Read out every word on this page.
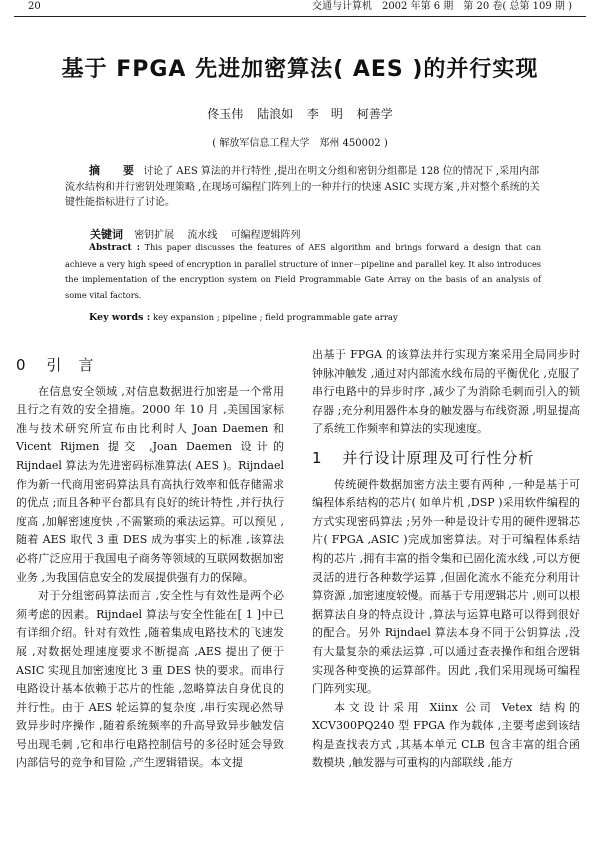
20	交通与计算机　2002 年第 6 期　第 20 卷( 总第 109 期 )
基于 FPGA 先进加密算法( AES )的并行实现
佟玉伟 陆浪如 李　明 柯善学
( 解放军信息工程大学　郑州 450002 )

摘　要 讨论了 AES 算法的并行特性 ,提出在明文分组和密钥分组都是 128 位的情况下 ,采用内部流水结构和并行密钥处理策略 ,在现场可编程门阵列上的一种并行的快速 ASIC 实现方案 ,并对整个系统的关键性能指标进行了讨论。

关键词 密钥扩展 流水线 可编程逻辑阵列

Abstract : This paper discusses the features of AES algorithm and brings forward a design that can achieve a very high speed of encryption in parallel structure of inner－pipeline and parallel key. It also introduces the implementation of the encryption system on Field Programmable Gate Array on the basis of an analysis of some vital factors.

Key words : key expansion ; pipeline ; field programmable gate array
0 引　言

在信息安全领域 ,对信息数据进行加密是一个常用且行之有效的安全措施。2000 年 10 月 ,美国国家标准与技术研究所宣布由比利时人 Joan Daemen 和 Vicent Rijmen 提交 ,Joan Daemen 设计的 Rijndael 算法为先进密码标准算法( AES )。Rijndael 作为新一代商用密码算法具有高执行效率和低存储需求的优点 ;而且各种平台都具有良好的统计特性 ,并行执行度高 ,加解密速度快 ,不需繁琐的乘法运算。可以预见 ,随着 AES 取代 3 重 DES 成为事实上的标准 ,该算法必将广泛应用于我国电子商务等领域的互联网数据加密业务 ,为我国信息安全的发展提供强有力的保障。

对于分组密码算法而言 ,安全性与有效性是两个必须考虑的因素。Rijndael 算法与安全性能在[ 1 ]中已有详细介绍。针对有效性 ,随着集成电路技术的飞速发展 ,对数据处理速度要求不断提高 ,AES 提出了便于 ASIC 实现且加密速度比 3 重 DES 快的要求。而串行电路设计基本依赖于芯片的性能 ,忽略算法自身优良的并行性。由于 AES 轮运算的复杂度 ,串行实现必然导致异步时序操作 ,随着系统频率的升高导致异步触发信号出现毛刺 ,它和串行电路控制信号的多径时延会导致内部信号的竞争和冒险 ,产生逻辑错误。本文提

出基于 FPGA 的该算法并行实现方案采用全局同步时钟脉冲触发 ,通过对内部流水线布局的平衡优化 ,克服了串行电路中的异步时序 ,减少了为消除毛刺而引入的锁存器 ;充分利用器件本身的触发器与布线资源 ,明显提高了系统工作频率和算法的实现速度。

1 并行设计原理及可行性分析

传统硬件数据加密方法主要有两种 ,一种是基于可编程体系结构的芯片( 如单片机 ,DSP )采用软件编程的方式实现密码算法 ;另外一种是设计专用的硬件逻辑芯片( FPGA ,ASIC )完成加密算法。对于可编程体系结构的芯片 ,拥有丰富的指令集和已固化流水线 ,可以方便灵活的进行各种数学运算 ,但固化流水不能充分利用计算资源 ,加密速度较慢。而基于专用逻辑芯片 ,则可以根据算法自身的特点设计 ,算法与运算电路可以得到很好的配合。另外 Rijndael 算法本身不同于公钥算法 ,没有大量复杂的乘法运算 ,可以通过查表操作和组合逻辑实现各种变换的运算部件。因此 ,我们采用现场可编程门阵列实现。

本文设计采用 Xiinx 公司 Vetex 结构的 XCV300PQ240 型 FPGA 作为载体 ,主要考虑到该结构是查找表方式 ,其基本单元 CLB 包含丰富的组合函数模块 ,触发器与可重构的内部联线 ,能方
